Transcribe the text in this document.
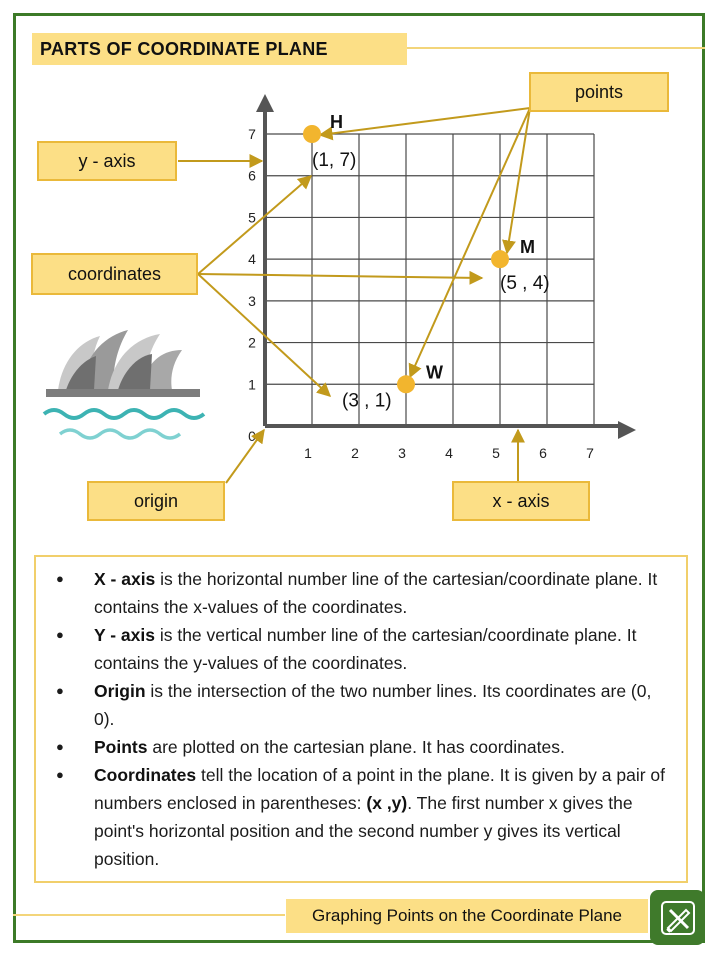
PARTS OF COORDINATE PLANE
1	2	3	4	5	6	7
1
2
3
4
5
6
7
0
H
(1, 7)
M
(5 , 4)
W
(3 , 1)
points
y - axis
coordinates
origin	x - axis
● X - axis is the horizontal number line of the cartesian/coordinate plane. It contains the x-values of the coordinates.
● Y - axis is the vertical number line of the cartesian/coordinate plane. It contains the y-values of the coordinates.
● Origin is the intersection of the two number lines. Its coordinates are (0, 0).
● Points are plotted on the cartesian plane. It has coordinates.
● Coordinates tell the location of a point in the plane. It is given by a pair of numbers enclosed in parentheses: (x ,y). The first number x gives the point's horizontal position and the second number y gives its vertical position.
Graphing Points on the Coordinate Plane
